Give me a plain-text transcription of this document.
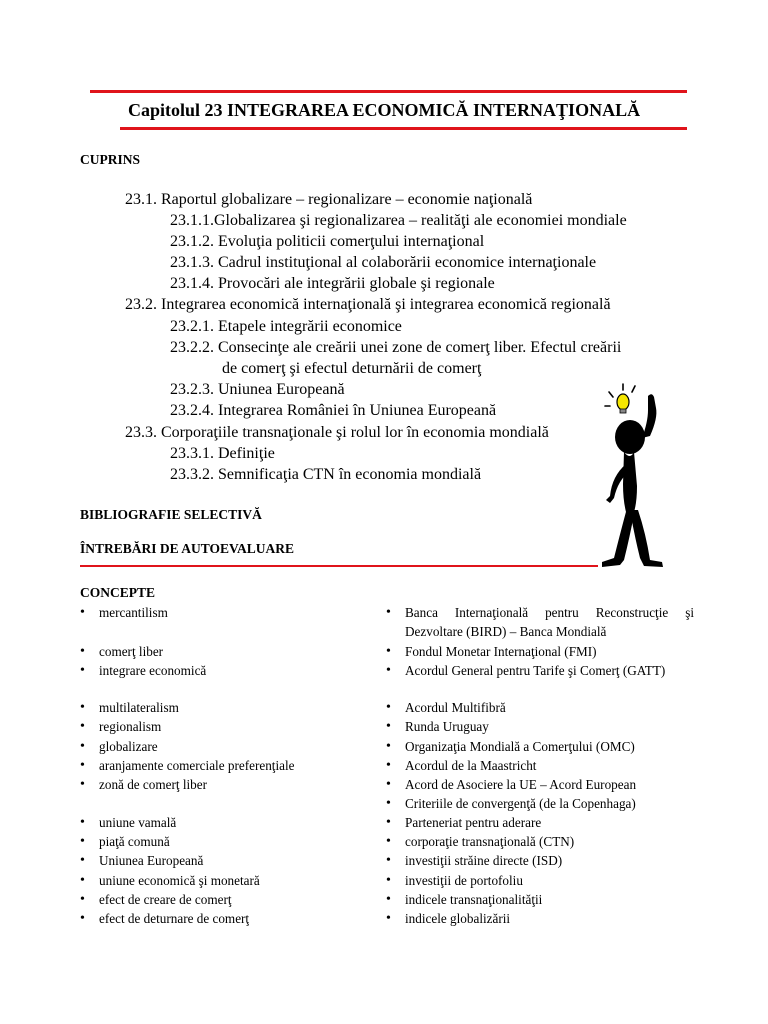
Capitolul 23 INTEGRAREA ECONOMICĂ INTERNAŢIONALĂ
CUPRINS
23.1. Raportul globalizare – regionalizare – economie naţională
23.1.1.Globalizarea şi regionalizarea – realităţi ale economiei mondiale
23.1.2. Evoluţia politicii comerţului internaţional
23.1.3. Cadrul instituţional al colaborării economice internaţionale
23.1.4. Provocări ale integrării globale şi regionale
23.2. Integrarea economică internaţională şi integrarea economică regională
23.2.1. Etapele integrării economice
23.2.2. Consecinţe ale creării unei zone de comerţ liber. Efectul creării
de comerţ şi efectul deturnării de comerţ
23.2.3. Uniunea Europeană
23.2.4. Integrarea României în Uniunea Europeană
23.3. Corporaţiile transnaţionale şi rolul lor în economia mondială
23.3.1. Definiţie
23.3.2. Semnificaţia CTN în economia mondială
BIBLIOGRAFIE SELECTIVĂ
ÎNTREBĂRI DE AUTOEVALUARE
CONCEPTE
• mercantilism
• comerţ liber
• integrare economică
• multilateralism
• regionalism
• globalizare
• aranjamente comerciale preferenţiale
• zonă de comerţ liber
• uniune vamală
• piaţă comună
• Uniunea Europeană
• uniune economică şi monetară
• efect de creare de comerţ
• efect de deturnare de comerţ
• Banca Internaţională pentru Reconstrucţie şi Dezvoltare (BIRD) – Banca Mondială
• Fondul Monetar Internaţional (FMI)
• Acordul General pentru Tarife şi Comerţ (GATT)
• Acordul Multifibră
• Runda Uruguay
• Organizaţia Mondială a Comerţului (OMC)
• Acordul de la Maastricht
• Acord de Asociere la UE – Acord European
• Criteriile de convergenţă (de la Copenhaga)
• Parteneriat pentru aderare
• corporaţie transnaţională (CTN)
• investiţii străine directe (ISD)
• investiţii de portofoliu
• indicele transnaţionalităţii
• indicele globalizării
